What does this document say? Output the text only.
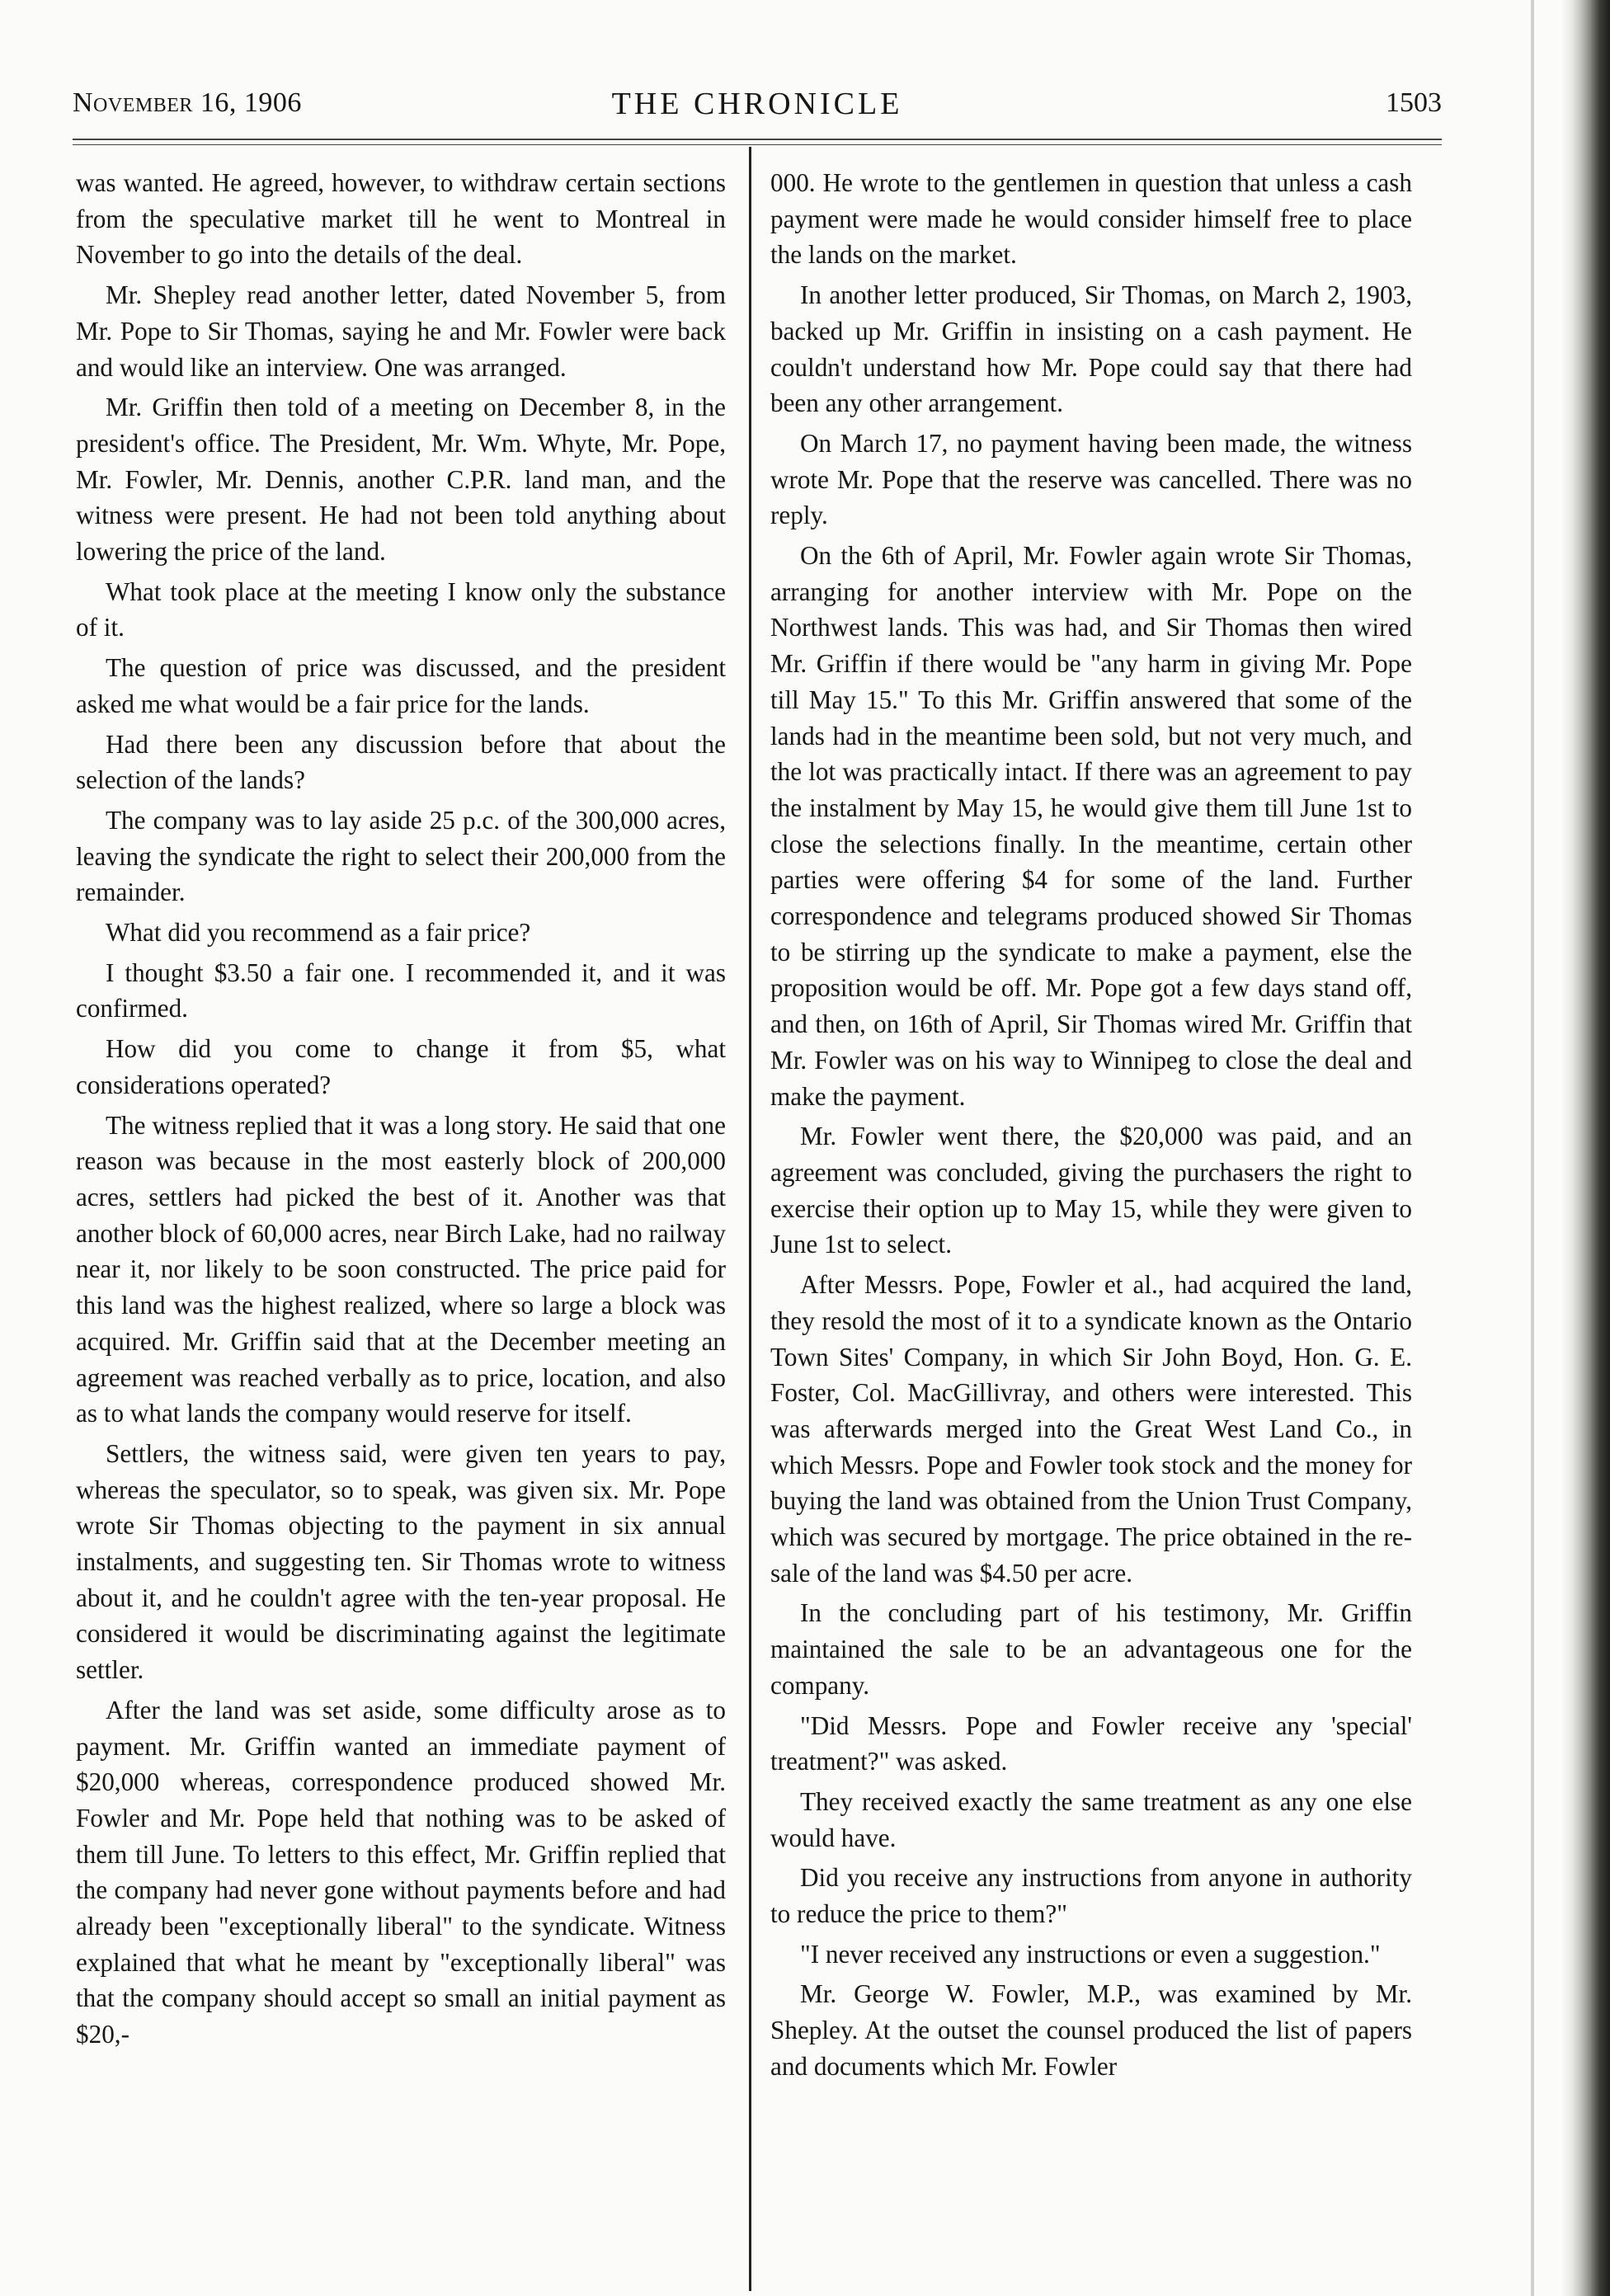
November 16, 1906	THE CHRONICLE	1503

was wanted. He agreed, however, to withdraw certain sections from the speculative market till he went to Montreal in November to go into the details of the deal.

Mr. Shepley read another letter, dated November 5, from Mr. Pope to Sir Thomas, saying he and Mr. Fowler were back and would like an interview. One was arranged.

Mr. Griffin then told of a meeting on December 8, in the president's office. The President, Mr. Wm. Whyte, Mr. Pope, Mr. Fowler, Mr. Dennis, another C.P.R. land man, and the witness were present. He had not been told anything about lowering the price of the land.

What took place at the meeting I know only the substance of it.

The question of price was discussed, and the president asked me what would be a fair price for the lands.

Had there been any discussion before that about the selection of the lands?

The company was to lay aside 25 p.c. of the 300,000 acres, leaving the syndicate the right to select their 200,000 from the remainder.

What did you recommend as a fair price?

I thought $3.50 a fair one. I recommended it, and it was confirmed.

How did you come to change it from $5, what considerations operated?

The witness replied that it was a long story. He said that one reason was because in the most easterly block of 200,000 acres, settlers had picked the best of it. Another was that another block of 60,000 acres, near Birch Lake, had no railway near it, nor likely to be soon constructed. The price paid for this land was the highest realized, where so large a block was acquired. Mr. Griffin said that at the December meeting an agreement was reached verbally as to price, location, and also as to what lands the company would reserve for itself.

Settlers, the witness said, were given ten years to pay, whereas the speculator, so to speak, was given six. Mr. Pope wrote Sir Thomas objecting to the payment in six annual instalments, and suggesting ten. Sir Thomas wrote to witness about it, and he couldn't agree with the ten-year proposal. He considered it would be discriminating against the legitimate settler.

After the land was set aside, some difficulty arose as to payment. Mr. Griffin wanted an immediate payment of $20,000 whereas, correspondence produced showed Mr. Fowler and Mr. Pope held that nothing was to be asked of them till June. To letters to this effect, Mr. Griffin replied that the company had never gone without payments before and had already been "exceptionally liberal" to the syndicate. Witness explained that what he meant by "exceptionally liberal" was that the company should accept so small an initial payment as $20,-

000. He wrote to the gentlemen in question that unless a cash payment were made he would consider himself free to place the lands on the market.

In another letter produced, Sir Thomas, on March 2, 1903, backed up Mr. Griffin in insisting on a cash payment. He couldn't understand how Mr. Pope could say that there had been any other arrangement.

On March 17, no payment having been made, the witness wrote Mr. Pope that the reserve was cancelled. There was no reply.

On the 6th of April, Mr. Fowler again wrote Sir Thomas, arranging for another interview with Mr. Pope on the Northwest lands. This was had, and Sir Thomas then wired Mr. Griffin if there would be "any harm in giving Mr. Pope till May 15." To this Mr. Griffin answered that some of the lands had in the meantime been sold, but not very much, and the lot was practically intact. If there was an agreement to pay the instalment by May 15, he would give them till June 1st to close the selections finally. In the meantime, certain other parties were offering $4 for some of the land. Further correspondence and telegrams produced showed Sir Thomas to be stirring up the syndicate to make a payment, else the proposition would be off. Mr. Pope got a few days stand off, and then, on 16th of April, Sir Thomas wired Mr. Griffin that Mr. Fowler was on his way to Winnipeg to close the deal and make the payment.

Mr. Fowler went there, the $20,000 was paid, and an agreement was concluded, giving the purchasers the right to exercise their option up to May 15, while they were given to June 1st to select.

After Messrs. Pope, Fowler et al., had acquired the land, they resold the most of it to a syndicate known as the Ontario Town Sites' Company, in which Sir John Boyd, Hon. G. E. Foster, Col. MacGillivray, and others were interested. This was afterwards merged into the Great West Land Co., in which Messrs. Pope and Fowler took stock and the money for buying the land was obtained from the Union Trust Company, which was secured by mortgage. The price obtained in the re-sale of the land was $4.50 per acre.

In the concluding part of his testimony, Mr. Griffin maintained the sale to be an advantageous one for the company.

"Did Messrs. Pope and Fowler receive any 'special' treatment?" was asked.

They received exactly the same treatment as any one else would have.

Did you receive any instructions from anyone in authority to reduce the price to them?"

"I never received any instructions or even a suggestion."

Mr. George W. Fowler, M.P., was examined by Mr. Shepley. At the outset the counsel produced the list of papers and documents which Mr. Fowler
